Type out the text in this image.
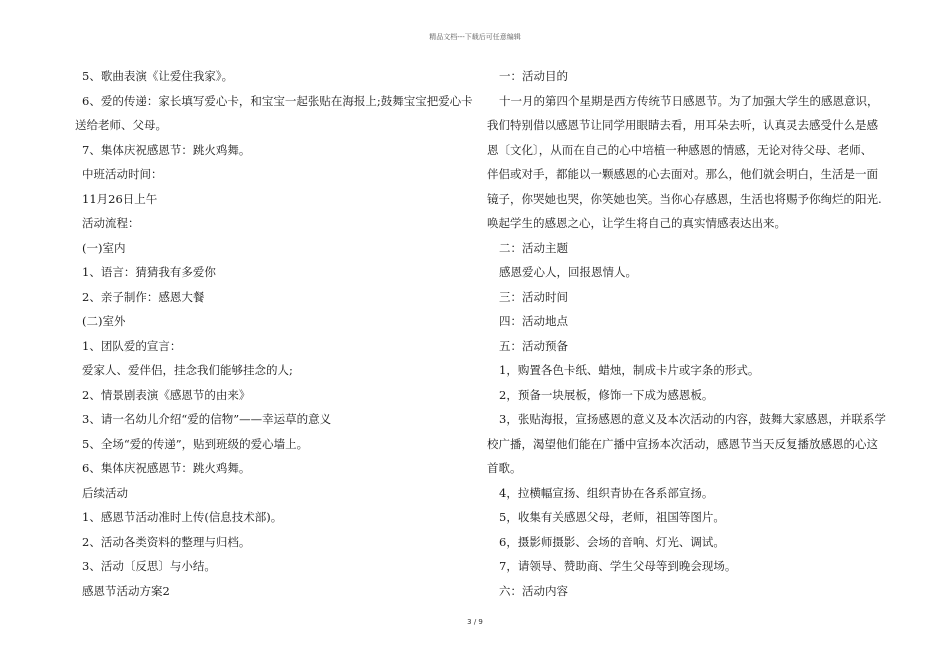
精品文档---下载后可任意编辑
5、歌曲表演《让爱住我家》。
6、爱的传递：家长填写爱心卡，和宝宝一起张贴在海报上;鼓舞宝宝把爱心卡
送给老师、父母。
7、集体庆祝感恩节：跳火鸡舞。
中班活动时间：
11月26日上午
活动流程：
(一)室内
1、语言：猜猜我有多爱你
2、亲子制作：感恩大餐
(二)室外
1、团队爱的宣言：
爱家人、爱伴侣，挂念我们能够挂念的人;
2、情景剧表演《感恩节的由来》
3、请一名幼儿介绍“爱的信物”——幸运草的意义
5、全场“爱的传递”，贴到班级的爱心墙上。
6、集体庆祝感恩节：跳火鸡舞。
后续活动
1、感恩节活动准时上传(信息技术部)。
2、活动各类资料的整理与归档。
3、活动〔反思〕与小结。
感恩节活动方案2
一：活动目的
十一月的第四个星期是西方传统节日感恩节。为了加强大学生的感恩意识，
我们特别借以感恩节让同学用眼睛去看，用耳朵去听，认真灵去感受什么是感
恩〔文化〕，从而在自己的心中培植一种感恩的情感，无论对待父母、老师、
伴侣或对手，都能以一颗感恩的心去面对。那么，他们就会明白，生活是一面
镜子，你哭她也哭，你笑她也笑。当你心存感恩，生活也将赐予你绚烂的阳光.
唤起学生的感恩之心，让学生将自己的真实情感表达出来。
二：活动主题
感恩爱心人，回报恩情人。
三：活动时间
四：活动地点
五：活动预备
1，购置各色卡纸、蜡烛，制成卡片或字条的形式。
2，预备一块展板，修饰一下成为感恩板。
3，张贴海报，宣扬感恩的意义及本次活动的内容，鼓舞大家感恩，并联系学
校广播，渴望他们能在广播中宣扬本次活动，感恩节当天反复播放感恩的心这
首歌。
4，拉横幅宣扬、组织青协在各系部宣扬。
5，收集有关感恩父母，老师，祖国等图片。
6，摄影师摄影、会场的音响、灯光、调试。
7，请领导、赞助商、学生父母等到晚会现场。
六：活动内容
3 / 9
